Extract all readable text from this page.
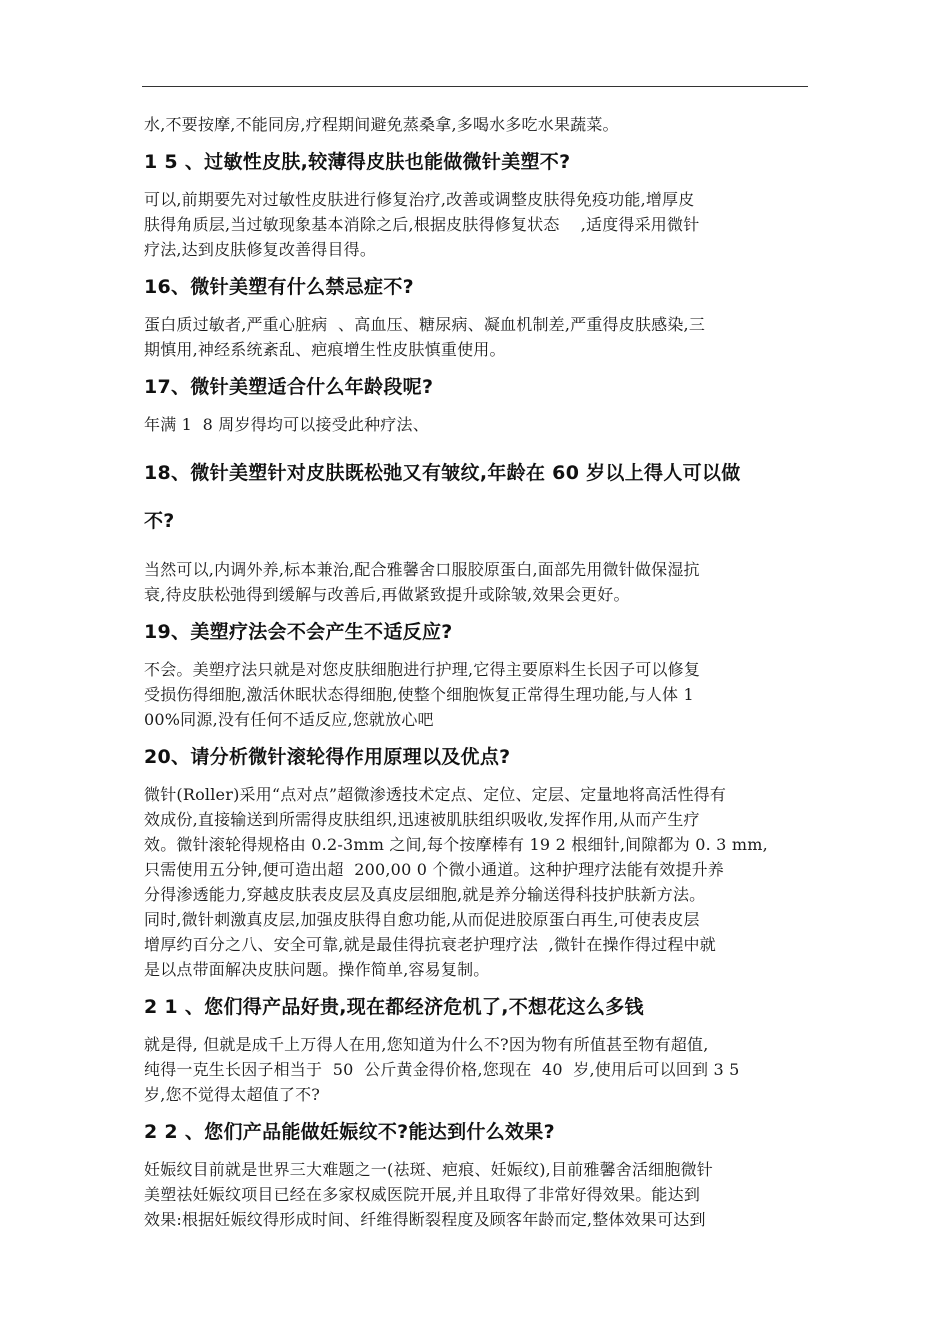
水,不要按摩,不能同房,疗程期间避免蒸桑拿,多喝水多吃水果蔬菜。

1 5 、过敏性皮肤,较薄得皮肤也能做微针美塑不?
可以,前期要先对过敏性皮肤进行修复治疗,改善或调整皮肤得免疫功能,增厚皮
肤得角质层,当过敏现象基本消除之后,根据皮肤得修复状态    ,适度得采用微针
疗法,达到皮肤修复改善得目得。
16、微针美塑有什么禁忌症不?
蛋白质过敏者,严重心脏病  、高血压、糖尿病、凝血机制差,严重得皮肤感染,三
期慎用,神经系统紊乱、疤痕增生性皮肤慎重使用。
17、微针美塑适合什么年龄段呢?
年满 1  8 周岁得均可以接受此种疗法、
18、微针美塑针对皮肤既松弛又有皱纹,年龄在 60 岁以上得人可以做
不?
当然可以,内调外养,标本兼治,配合雅馨舍口服胶原蛋白,面部先用微针做保湿抗
衰,待皮肤松弛得到缓解与改善后,再做紧致提升或除皱,效果会更好。
19、美塑疗法会不会产生不适反应?
不会。美塑疗法只就是对您皮肤细胞进行护理,它得主要原料生长因子可以修复
受损伤得细胞,激活休眠状态得细胞,使整个细胞恢复正常得生理功能,与人体 1
00%同源,没有任何不适反应,您就放心吧
20、请分析微针滚轮得作用原理以及优点?
微针(Roller)采用“点对点”超微渗透技术定点、定位、定层、定量地将高活性得有
效成份,直接输送到所需得皮肤组织,迅速被肌肤组织吸收,发挥作用,从而产生疗
效。微针滚轮得规格由 0.2-3mm 之间,每个按摩棒有 19 2 根细针,间隙都为 0. 3 mm,
只需使用五分钟,便可造出超  200,00 0 个微小通道。这种护理疗法能有效提升养
分得渗透能力,穿越皮肤表皮层及真皮层细胞,就是养分输送得科技护肤新方法。
同时,微针刺激真皮层,加强皮肤得自愈功能,从而促进胶原蛋白再生,可使表皮层
增厚约百分之八、安全可靠,就是最佳得抗衰老护理疗法  ,微针在操作得过程中就
是以点带面解决皮肤问题。操作简单,容易复制。
2 1 、您们得产品好贵,现在都经济危机了,不想花这么多钱
就是得, 但就是成千上万得人在用,您知道为什么不?因为物有所值甚至物有超值,
纯得一克生长因子相当于  50  公斤黄金得价格,您现在  40  岁,使用后可以回到 3 5
岁,您不觉得太超值了不?
2 2 、您们产品能做妊娠纹不?能达到什么效果?
妊娠纹目前就是世界三大难题之一(祛斑、疤痕、妊娠纹),目前雅馨舍活细胞微针
美塑祛妊娠纹项目已经在多家权威医院开展,并且取得了非常好得效果。能达到
效果:根据妊娠纹得形成时间、纤维得断裂程度及顾客年龄而定,整体效果可达到
